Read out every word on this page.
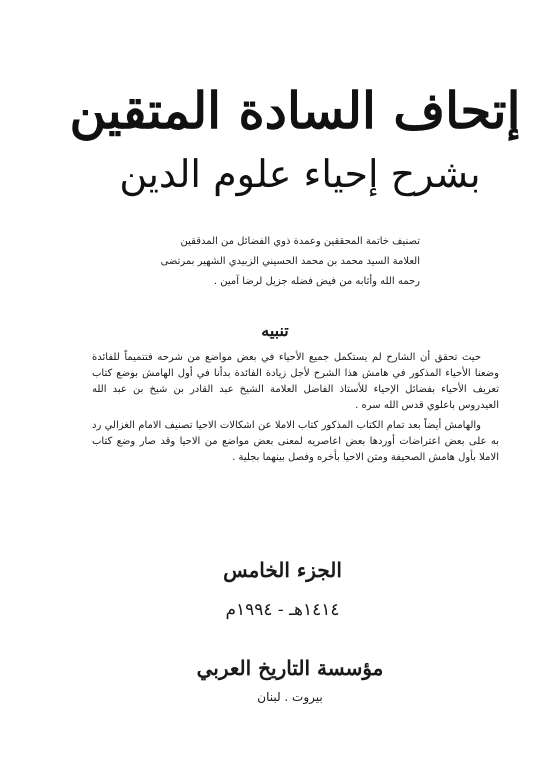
إتحاف السادة المتقين
بشرح إحياء علوم الدين
تصنيف خاتمة المحققين وعمدة ذوي الفضائل من المدققين
العلامة السيد محمد بن محمد الحسيني الزبيدي الشهير بمرتضى
رحمه الله وأثابه من فيض فضله جزيل لرضا آمين .
تنبيه

حيث تحقق أن الشارح لم يستكمل جميع الأحياء في بعض مواضع من شرحه فتتميماً للفائدة وضعنا الأحياء المذكور في هامش هذا الشرح لأجل زيادة الفائدة بدأنا في أول الهامش بوضع كتاب تعريف الأحياء بفضائل الإحياء للأستاذ الفاضل العلامة الشيخ عبد القادر بن شيخ بن عبد الله العيدروس باعلوي قدس الله سره .

والهامش أيضاً بعد تمام الكتاب المذكور كتاب الاملا عن اشكالات الاحيا تصنيف الامام الغزالي رد به على بعض اعتراضات أوردها بعض اعاصريه لمعنى بعض مواضع من الاحيا وقد صار وضع كتاب الاملا بأول هامش الصحيفة ومتن الاحيا بأخره وفصل بينهما بجلية .

الجزء الخامس
١٤١٤هـ - ١٩٩٤م
مؤسسة التاريخ العربي
بيروت . لبنان
